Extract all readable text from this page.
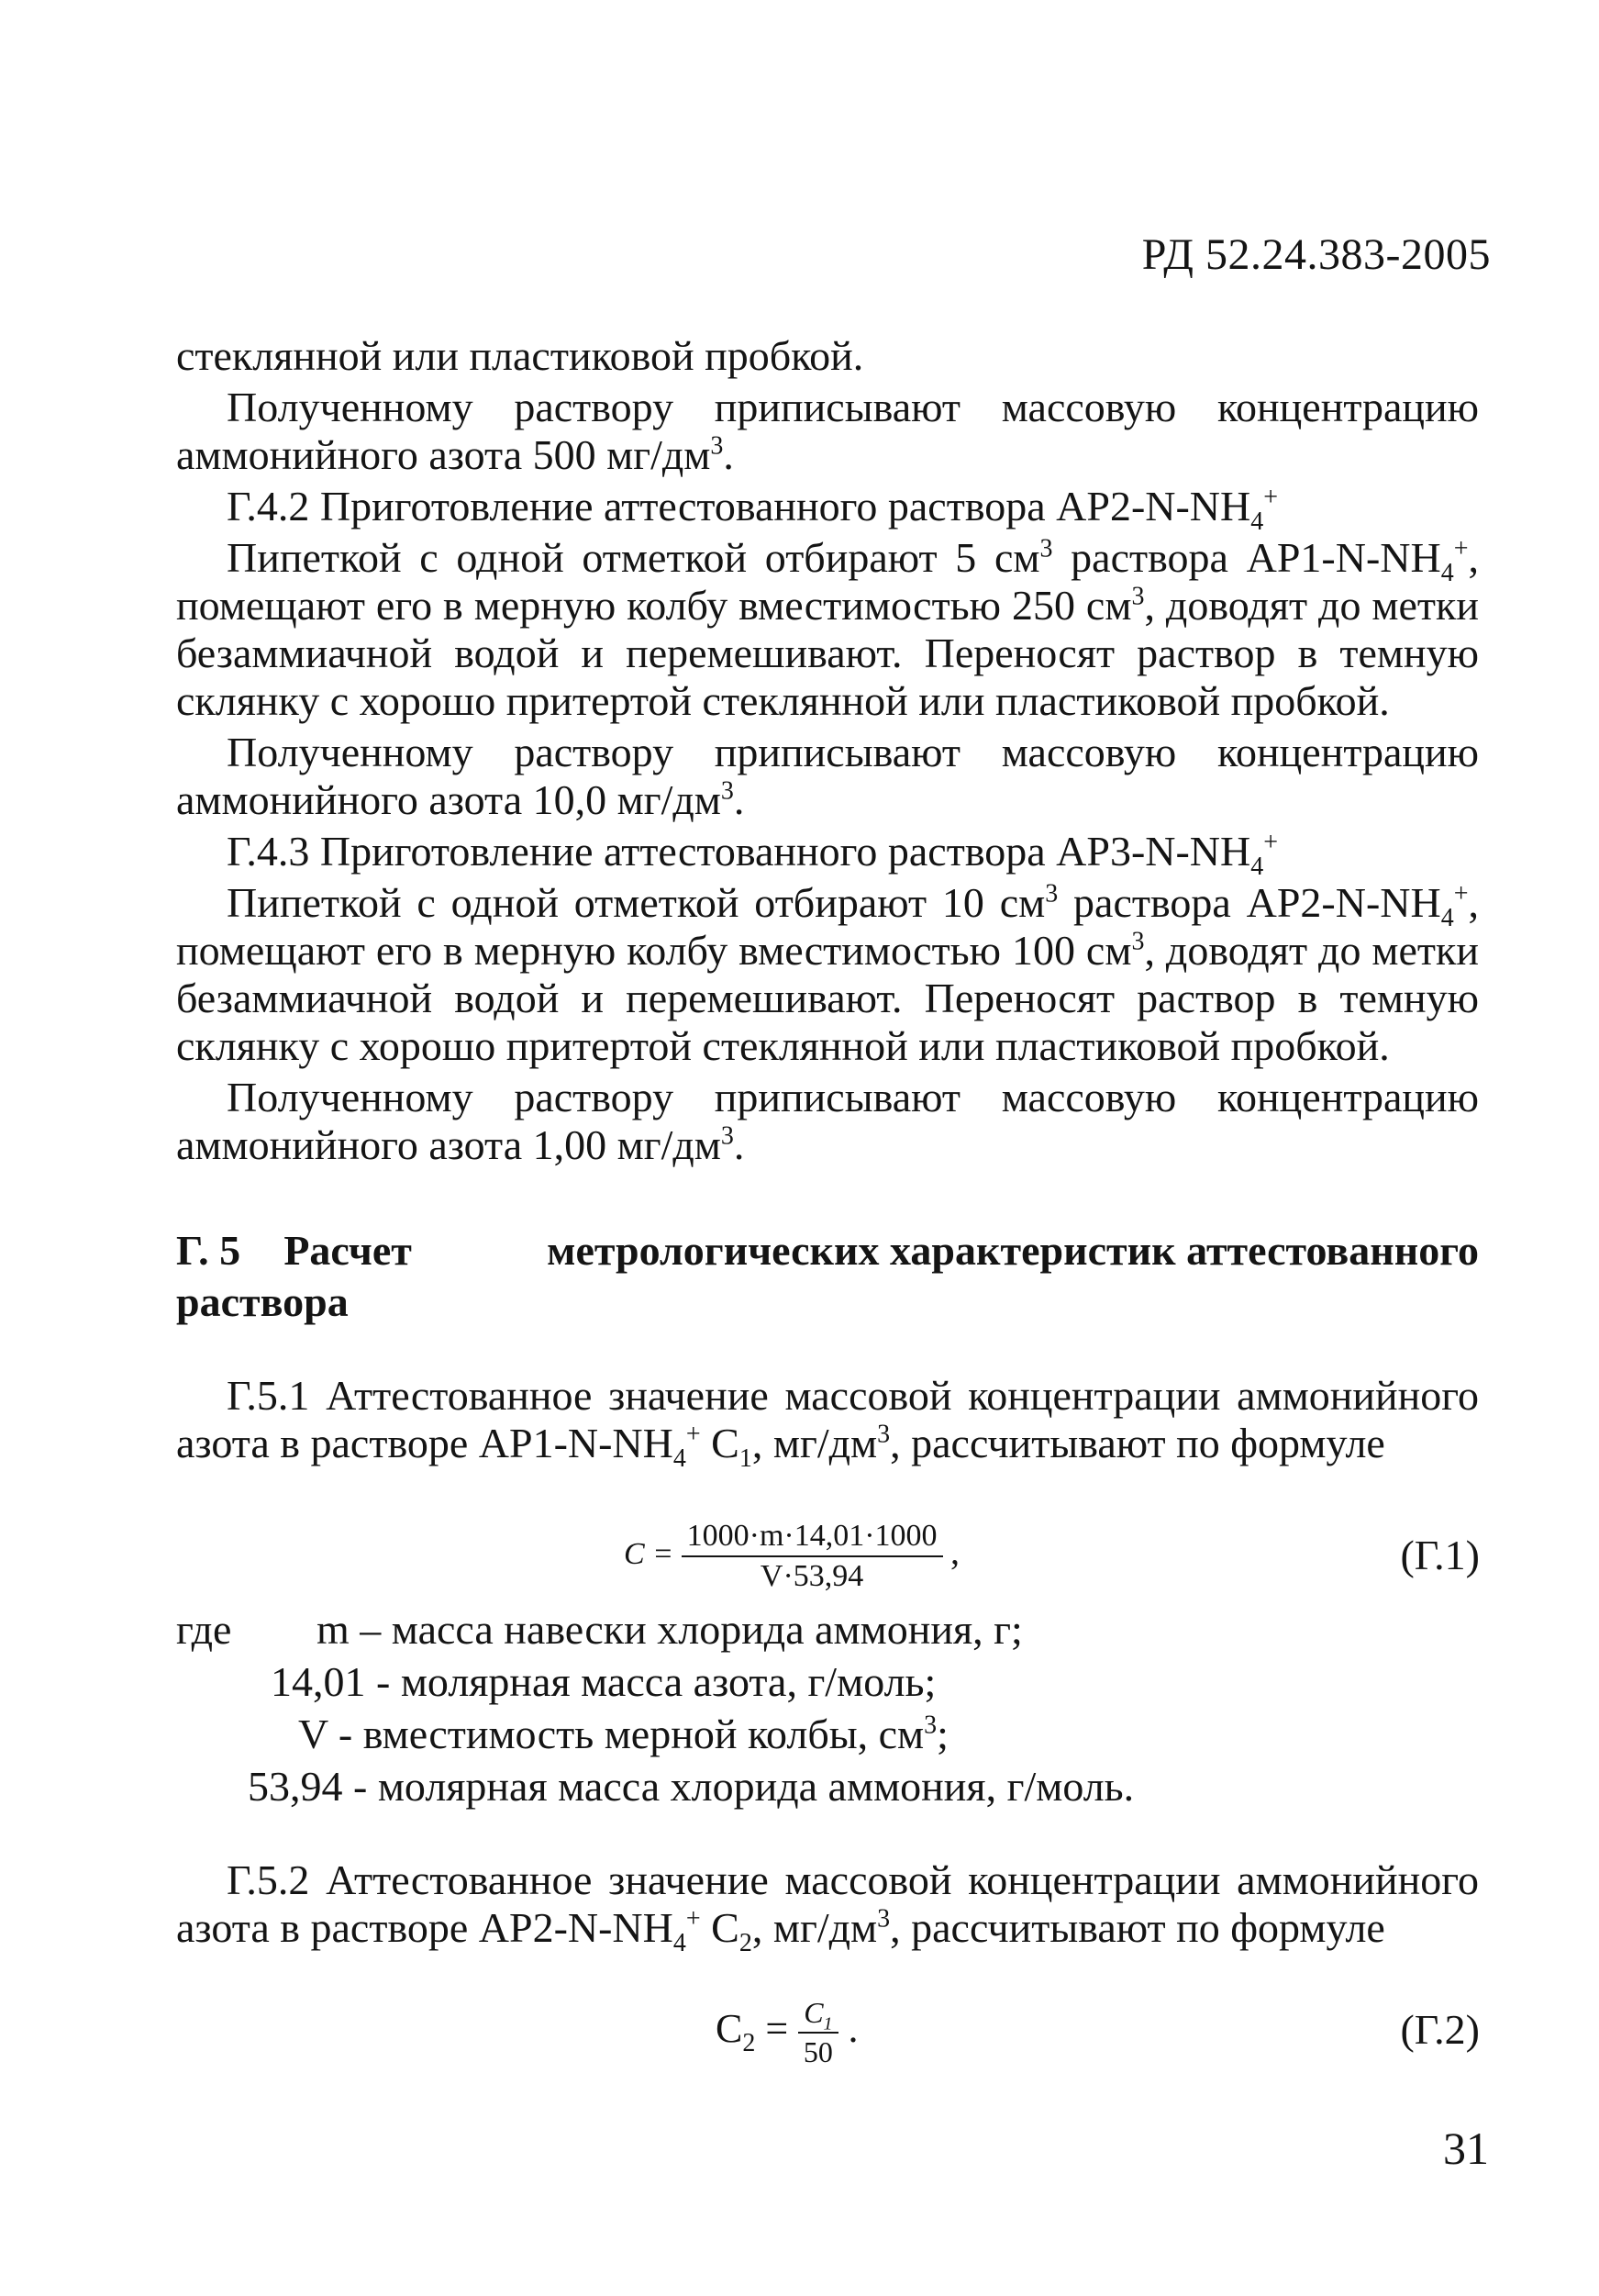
РД 52.24.383-2005

стеклянной или пластиковой пробкой.

Полученному раствору приписывают массовую концентрацию аммонийного азота 500 $мг/дм^3$.

Г.4.2 Приготовление аттестованного раствора $АР2-N-NH_4^+$

Пипеткой с одной отметкой отбирают 5 $см^3$ раствора $АР1-N-NH_4^+$, помещают его в мерную колбу вместимостью 250 $см^3$, доводят до метки безаммиачной водой и перемешивают. Переносят раствор в темную склянку с хорошо притертой стеклянной или пластиковой пробкой.

Полученному раствору приписывают массовую концентрацию аммонийного азота 10,0 $мг/дм^3$.

Г.4.3 Приготовление аттестованного раствора $АР3-N-NH_4^+$

Пипеткой с одной отметкой отбирают 10 $см^3$ раствора $АР2-N-NH_4^+$, помещают его в мерную колбу вместимостью 100 $см^3$, доводят до метки безаммиачной водой и перемешивают. Переносят раствор в темную склянку с хорошо притертой стеклянной или пластиковой пробкой.

Полученному раствору приписывают массовую концентрацию аммонийного азота 1,00 $мг/дм^3$.

Г. 5 Расчет	метрологических характеристик аттестованного
раствора

Г.5.1 Аттестованное значение массовой концентрации аммонийного азота в растворе $АР1-N-NH_4^+$ $С_1$, $мг/дм^3$, рассчитывают по формуле

$C = \frac{1000\cdot m\cdot 14,01\cdot 1000}{V\cdot 53,94}$ ,	(Г.1)
где m – масса навески хлорида аммония, г;
14,01 - молярная масса азота, г/моль;
V - вместимость мерной колбы, $см^3$;
53,94 - молярная масса хлорида аммония, г/моль.

Г.5.2 Аттестованное значение массовой концентрации аммонийного азота в растворе $АР2-N-NH_4^+$ $С_2$, $мг/дм^3$, рассчитывают по формуле

$С_2 = \frac{C_1}{50}$ .	(Г.2)
31
